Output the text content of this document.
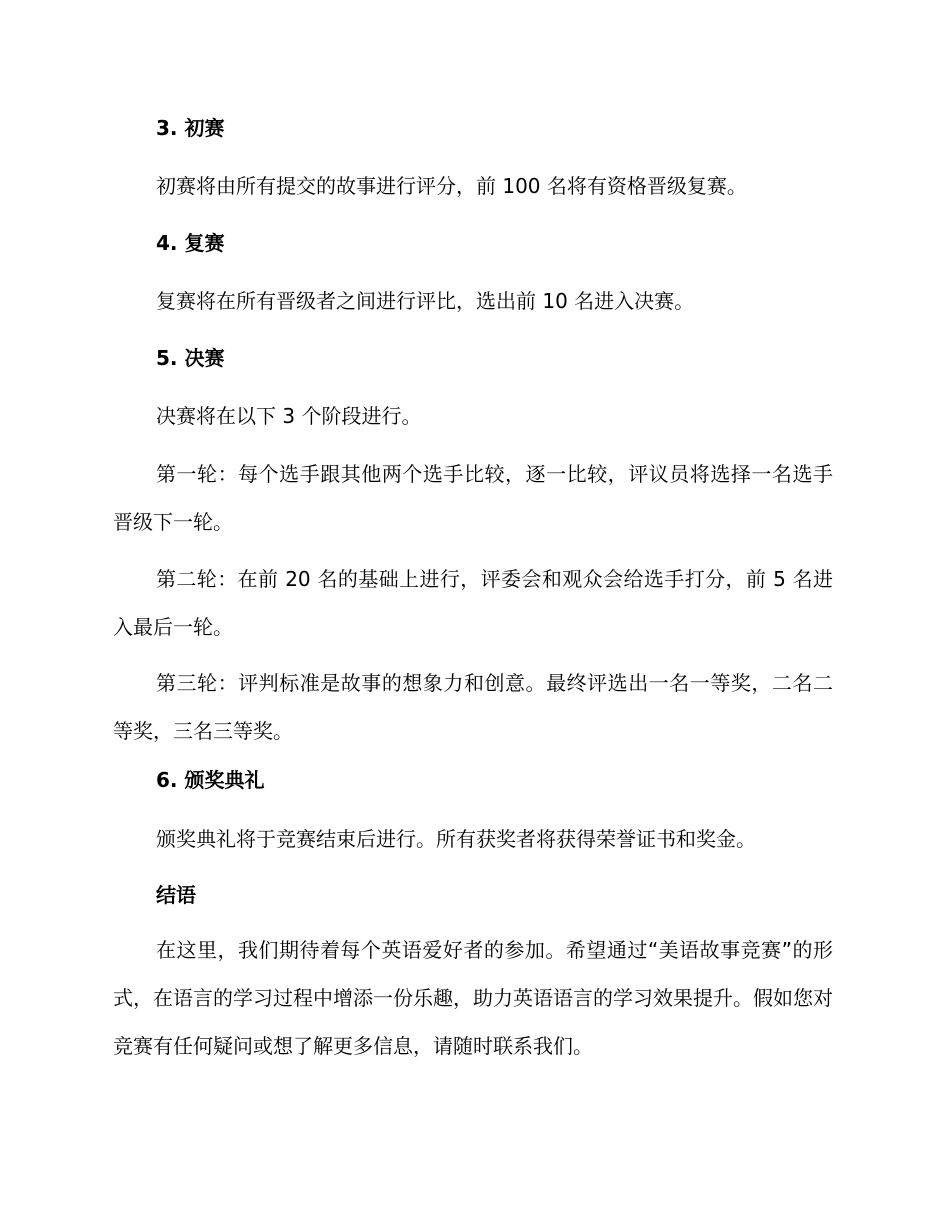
3. 初赛

初赛将由所有提交的故事进行评分，前 100 名将有资格晋级复赛。

4. 复赛

复赛将在所有晋级者之间进行评比，选出前 10 名进入决赛。

5. 决赛

决赛将在以下 3 个阶段进行。

第一轮：每个选手跟其他两个选手比较，逐一比较，评议员将选择一名选手晋级下一轮。

第二轮：在前 20 名的基础上进行，评委会和观众会给选手打分，前 5 名进入最后一轮。

第三轮：评判标准是故事的想象力和创意。最终评选出一名一等奖，二名二等奖，三名三等奖。

6. 颁奖典礼

颁奖典礼将于竞赛结束后进行。所有获奖者将获得荣誉证书和奖金。

结语

在这里，我们期待着每个英语爱好者的参加。希望通过“美语故事竞赛”的形式，在语言的学习过程中增添一份乐趣，助力英语语言的学习效果提升。假如您对竞赛有任何疑问或想了解更多信息，请随时联系我们。
